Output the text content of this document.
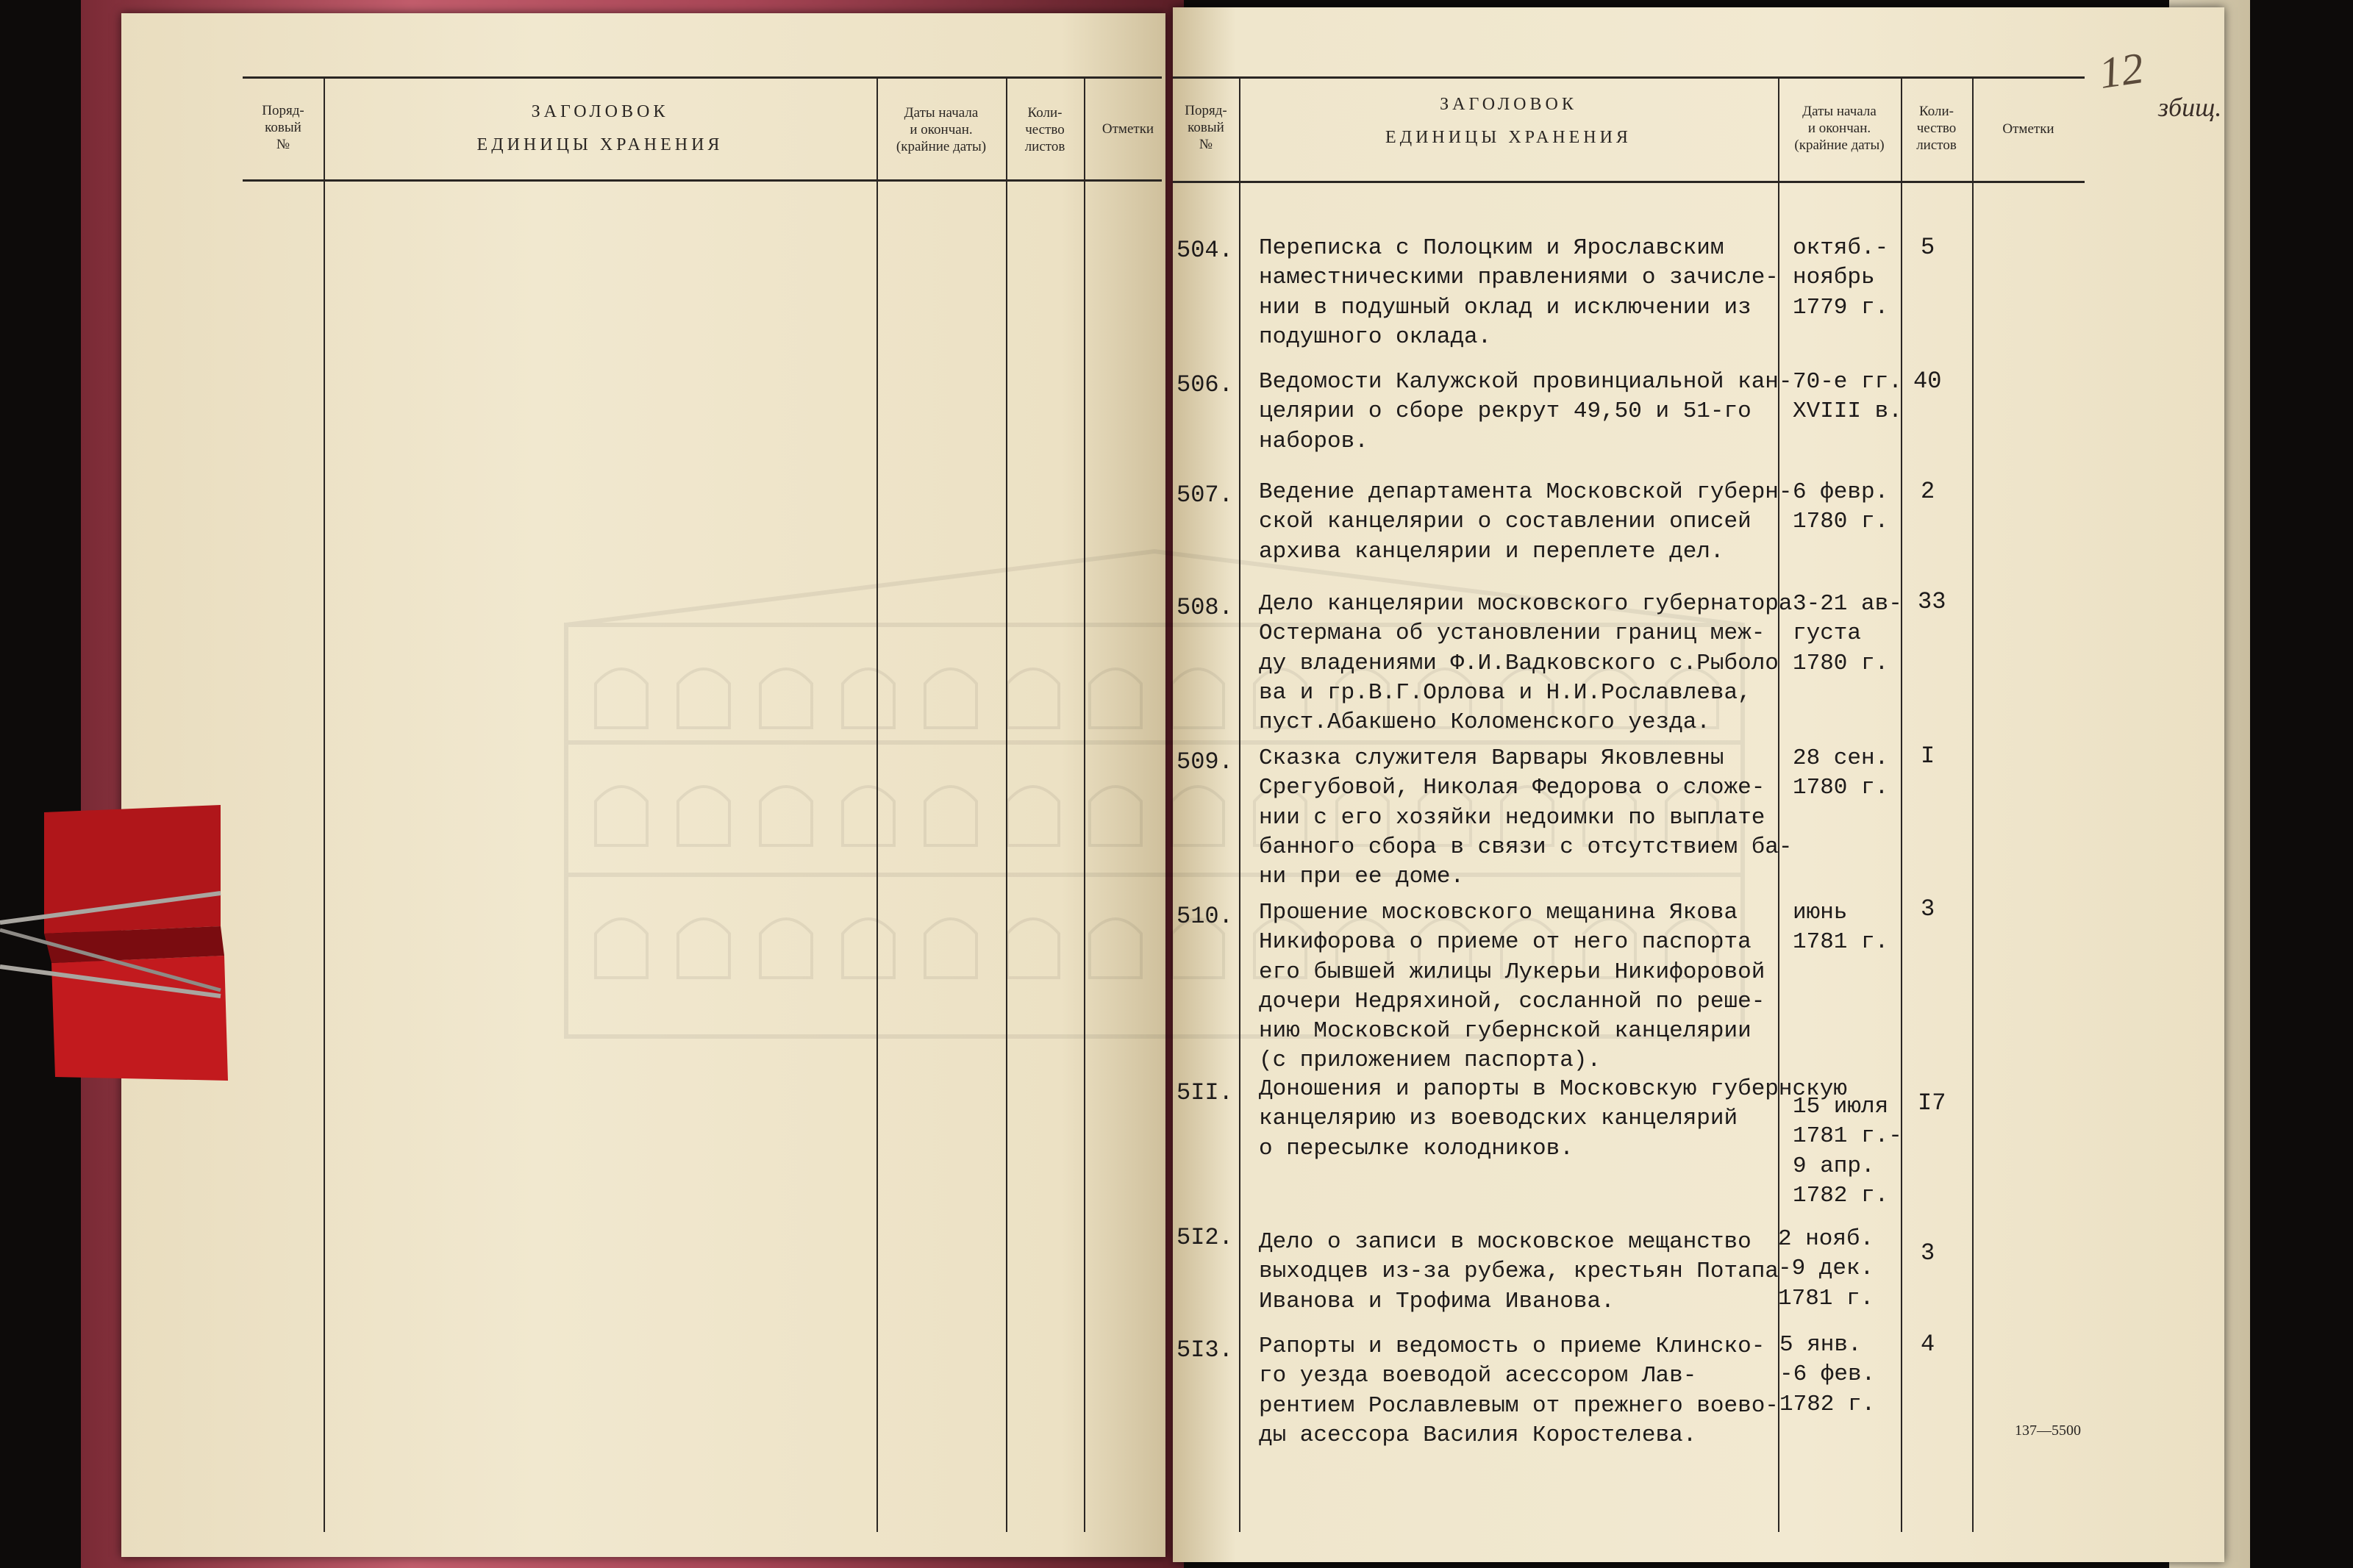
Поряд-
ковый
№
ЗАГОЛОВОК
ЕДИНИЦЫ ХРАНЕНИЯ
Даты начала
и окончан.
(крайние даты)
Коли-
чество
листов
Отметки
Поряд-
ковый
№
ЗАГОЛОВОК
ЕДИНИЦЫ ХРАНЕНИЯ
Даты начала
и окончан.
(крайние даты)
Коли-
чество
листов
Отметки
12
збищ.
137—5500
504. Переписка с Полоцким и Ярославским
наместническими правлениями о зачисле-
нии в подушный оклад и исключении из
подушного оклада.
октяб.-
ноябрь
1779 г.
5
506. Ведомости Калужской провинциальной кан-
целярии о сборе рекрут 49,50 и 51-го
наборов.
70-е гг.
XVIII в.
40
507. Ведение департамента Московской губерн-
ской канцелярии о составлении описей
архива канцелярии и переплете дел.
6 февр.
1780 г.
2
508. Дело канцелярии московского губернатора
Остермана об установлении границ меж-
ду владениями Ф.И.Вадковского с.Рыболо
ва и гр.В.Г.Орлова и Н.И.Рославлева,
пуст.Абакшено Коломенского уезда.
3-21 ав-
густа
1780 г.
33
509. Сказка служителя Варвары Яковлевны
Срегубовой, Николая Федорова о сложе-
нии с его хозяйки недоимки по выплате
банного сбора в связи с отсутствием ба-
ни при ее доме.
28 сен.
1780 г.
I
510. Прошение московского мещанина Якова
Никифорова о приеме от него паспорта
его бывшей жилицы Лукерьи Никифоровой
дочери Недряхиной, сосланной по реше-
нию Московской губернской канцелярии
(с приложением паспорта).
июнь
1781 г.
3
5II. Доношения и рапорты в Московскую губернскую
канцелярию из воеводских канцелярий
о пересылке колодников.
15 июля
1781 г.-
9 апр.
1782 г.
I7
5I2. Дело о записи в московское мещанство
выходцев из-за рубежа, крестьян Потапа
Иванова и Трофима Иванова.
2 нояб.
-9 дек.
1781 г.
3
5I3. Рапорты и ведомость о приеме Клинско-
го уезда воеводой асессором Лав-
рентием Рославлевым от прежнего воево-
ды асессора Василия Коростелева.
5 янв.
-6 фев.
1782 г.
4
